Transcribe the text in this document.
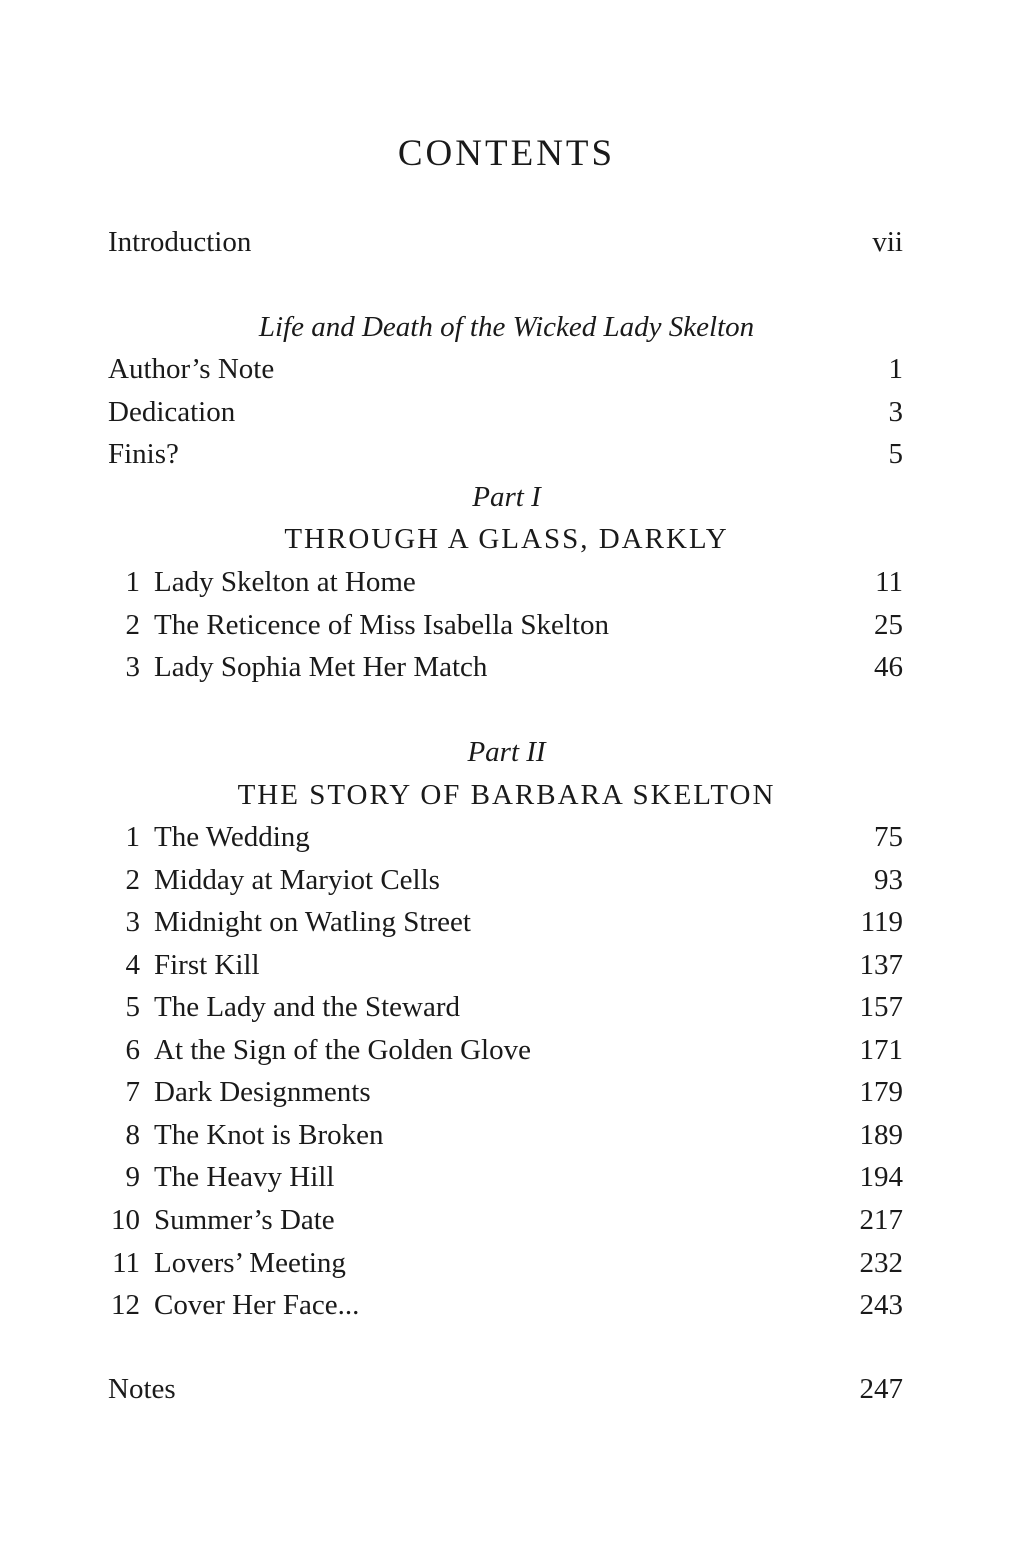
CONTENTS
Introduction	vii
Life and Death of the Wicked Lady Skelton
Author’s Note	1
Dedication	3
Finis?	5
Part I
THROUGH A GLASS, DARKLY
1 Lady Skelton at Home	11
2 The Reticence of Miss Isabella Skelton	25
3 Lady Sophia Met Her Match	46
Part II
THE STORY OF BARBARA SKELTON
1 The Wedding	75
2 Midday at Maryiot Cells	93
3 Midnight on Watling Street	119
4 First Kill	137
5 The Lady and the Steward	157
6 At the Sign of the Golden Glove	171
7 Dark Designments	179
8 The Knot is Broken	189
9 The Heavy Hill	194
10 Summer’s Date	217
11 Lovers’ Meeting	232
12 Cover Her Face...	243
Notes	247
